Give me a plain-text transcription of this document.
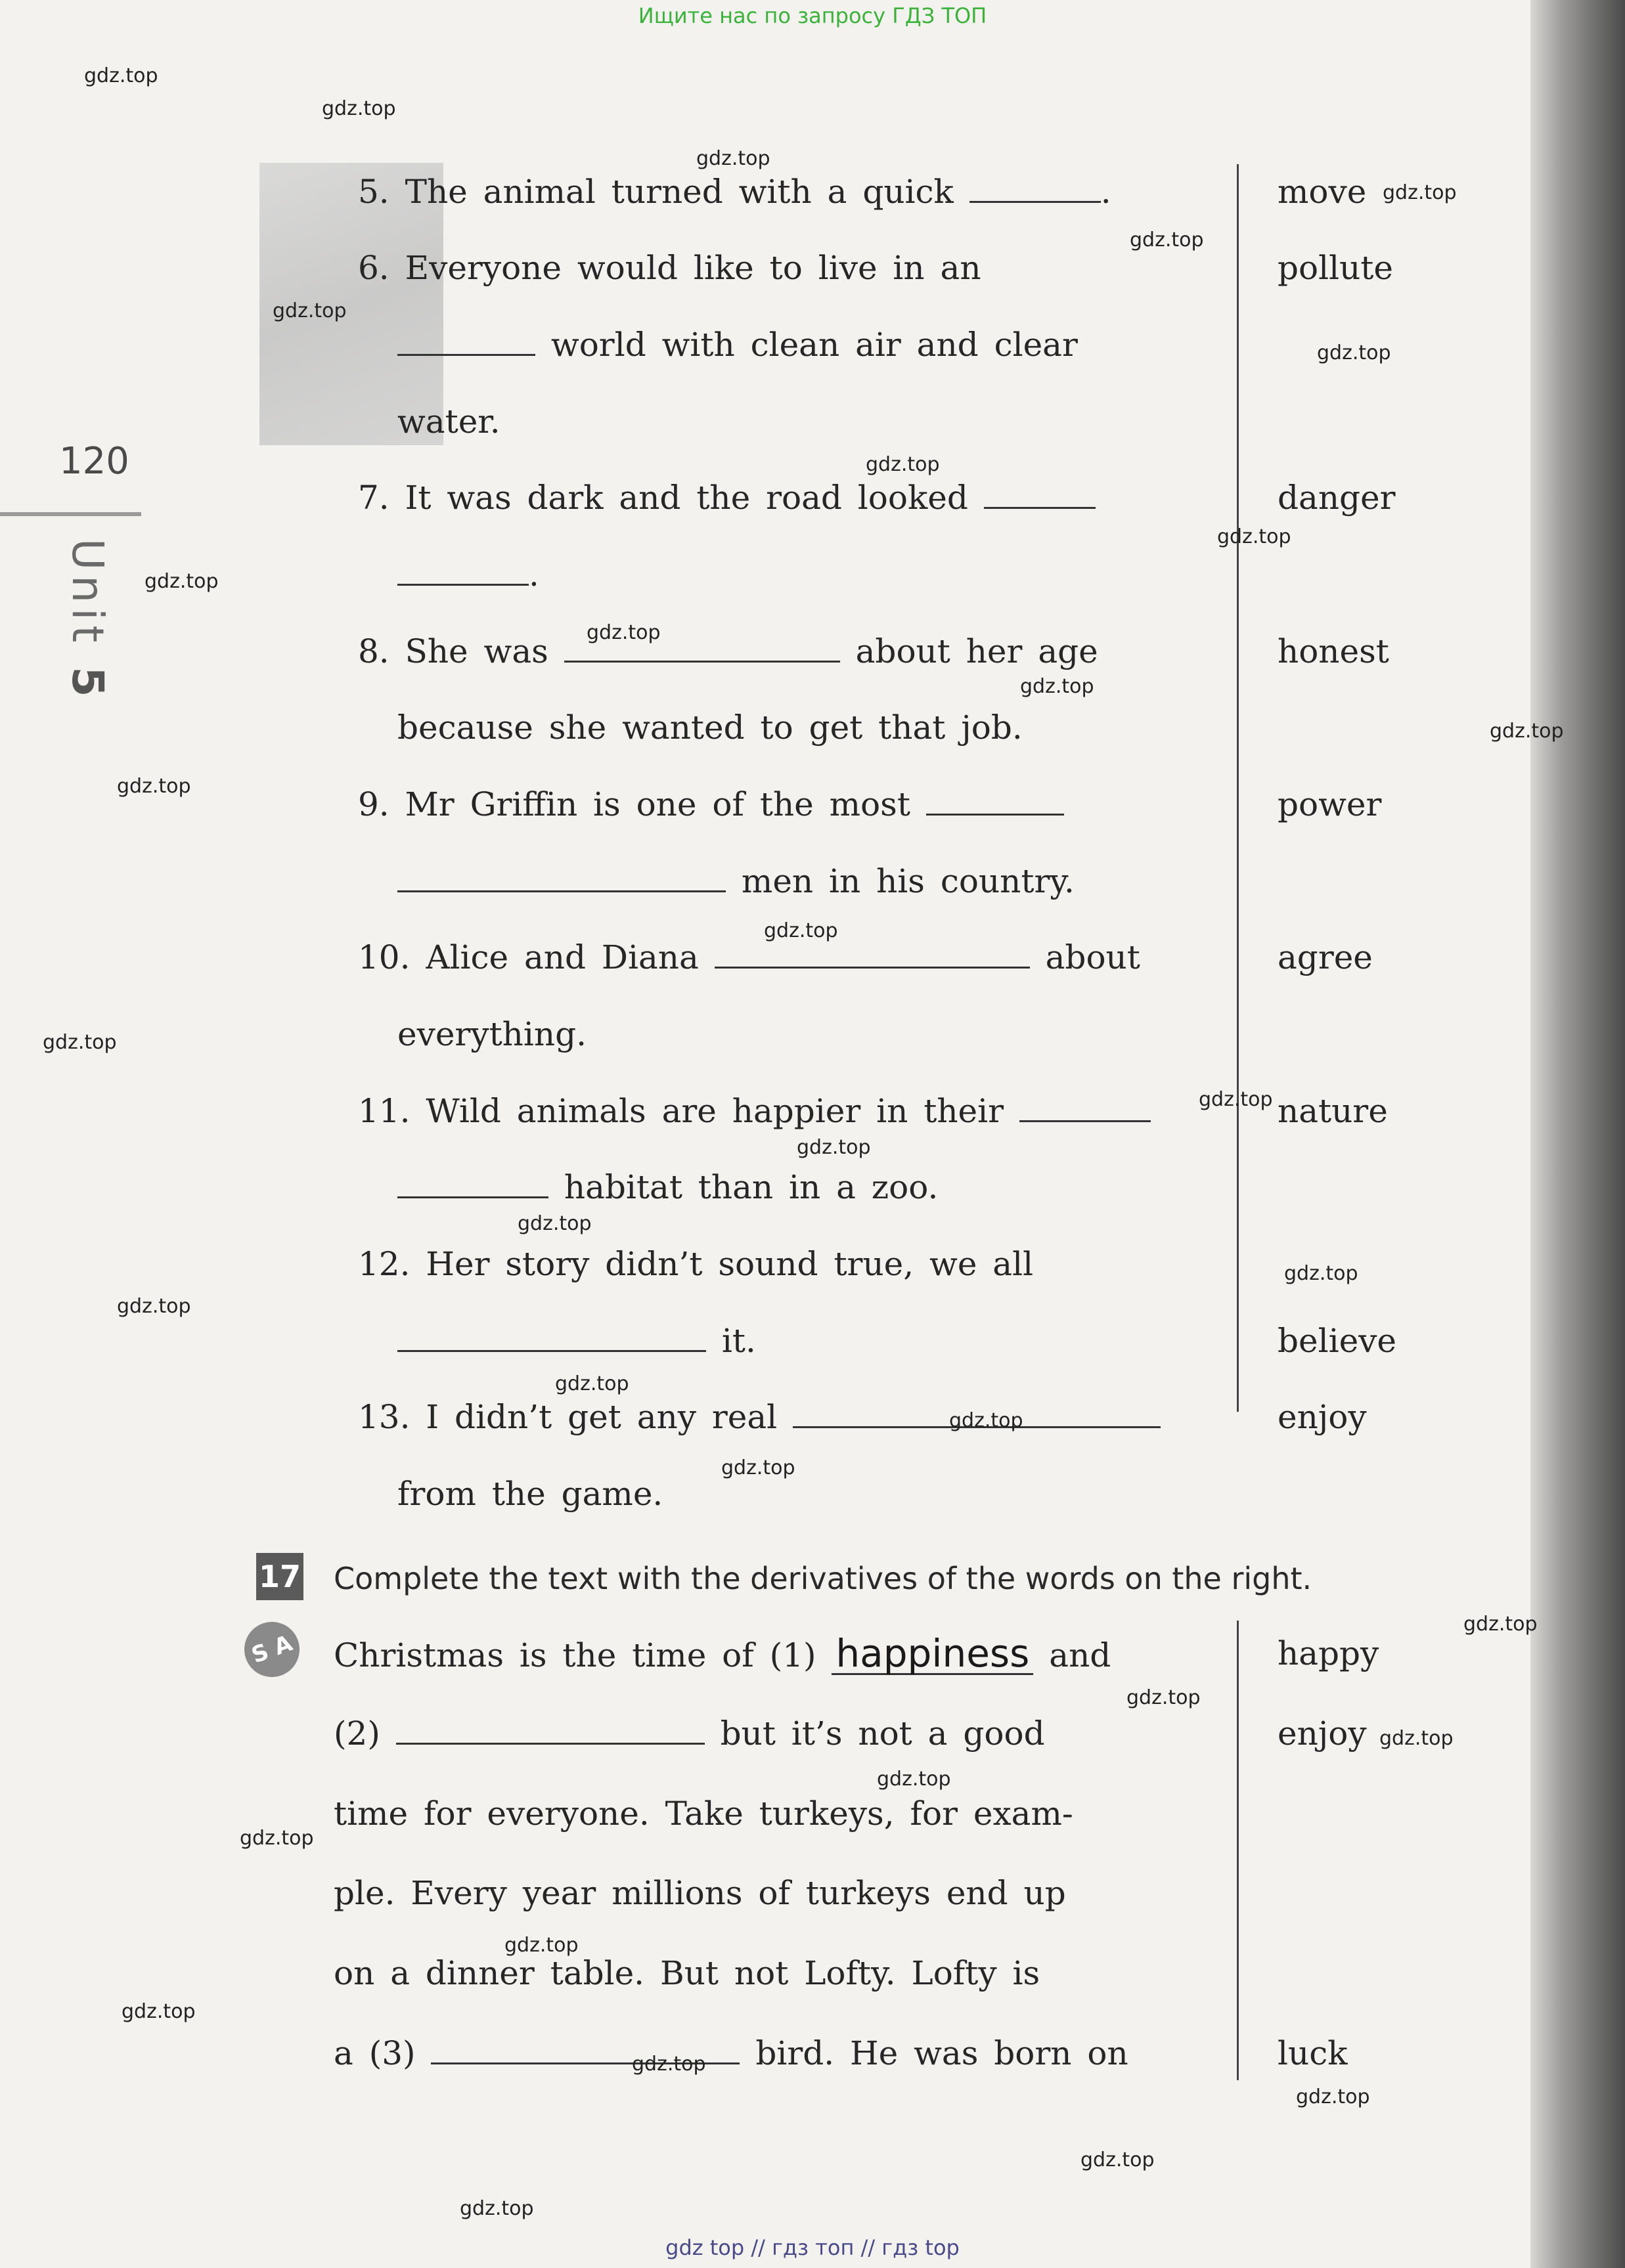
Ищите нас по запросу ГДЗ ТОП
120
Unit 5
5. The animal turned with a quick	.	move
6. Everyone would like to live in an	pollute
world with clean air and clear
water.
7. It was dark and the road looked	danger
.
8. She was	about her age	honest
because she wanted to get that job.
9. Mr Griffin is one of the most	power
men in his country.
10. Alice and Diana	about	agree
everything.
11. Wild animals are happier in their	nature
habitat than in a zoo.
12. Her story didn’t sound true, we all
it.	believe
13. I didn’t get any real	enjoy
from the game.
17
S A
Complete the text with the derivatives of the words on the right.
Christmas is the time of (1) happiness and	happy
(2)	but it’s not a good	enjoy
time for everyone. Take turkeys, for exam-
ple. Every year millions of turkeys end up
on a dinner table. But not Lofty. Lofty is
a (3)	bird. He was born on	luck
gdz top // гдз топ // гдз top
gdz.top
gdz.top
gdz.top
gdz.top
gdz.top
gdz.top
gdz.top
gdz.top
gdz.top
gdz.top
gdz.top
gdz.top
gdz.top
gdz.top
gdz.top
gdz.top
gdz.top
gdz.top
gdz.top
gdz.top
gdz.top
gdz.top
gdz.top
gdz.top
gdz.top
gdz.top
gdz.top
gdz.top
gdz.top
gdz.top
gdz.top
gdz.top
gdz.top
gdz.top
gdz.top
